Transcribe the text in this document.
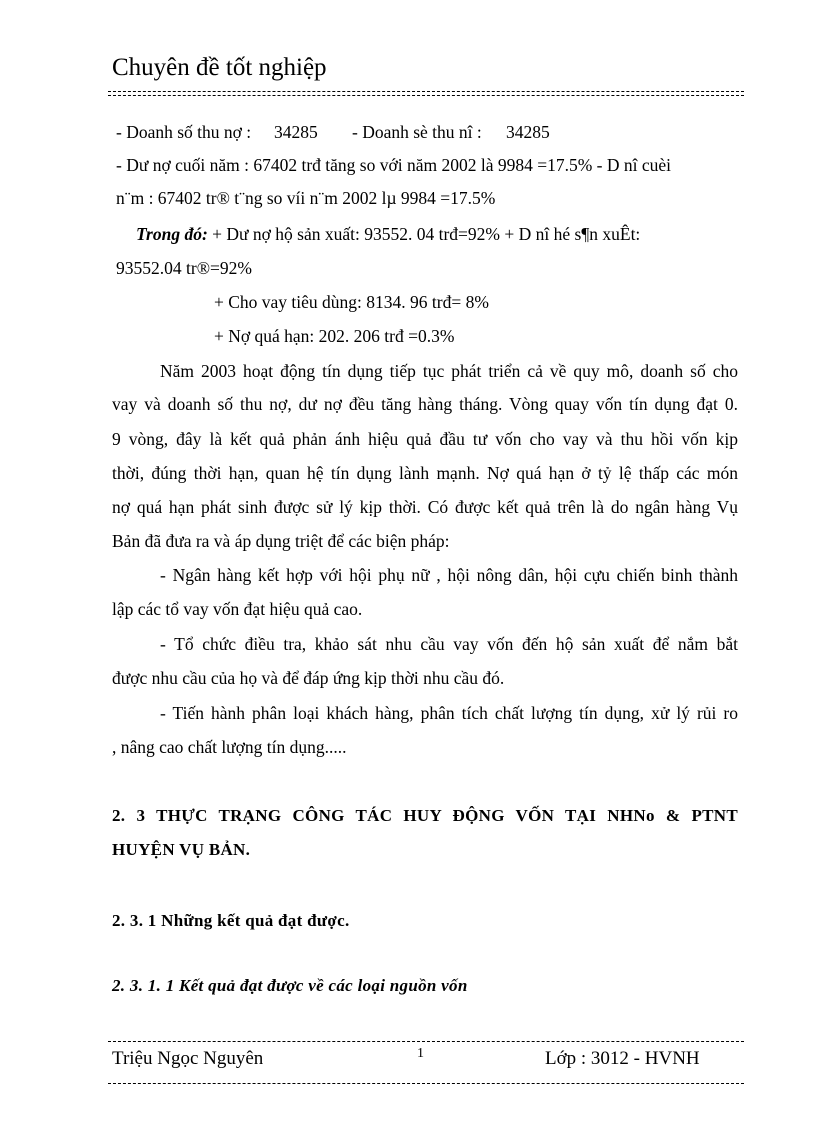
Chuyên đề tốt nghiệp
- Doanh số thu nợ : 34285 - Doanh sè thu nî : 34285
- Dư nợ cuối năm : 67402 trđ tăng so với năm 2002 là 9984 =17.5% - D nî cuèi
n¨m : 67402 tr® t¨ng so víi n¨m 2002 lµ 9984 =17.5%
Trong đó: + Dư nợ hộ sản xuất: 93552. 04 trđ=92% + D nî hé s¶n xuÊt:
93552.04 tr®=92%
+ Cho vay tiêu dùng: 8134. 96 trđ= 8%
+ Nợ quá hạn: 202. 206 trđ =0.3%
Năm 2003 hoạt động tín dụng tiếp tục phát triển cả về quy mô, doanh số cho
vay và doanh số thu nợ, dư nợ đều tăng hàng tháng. Vòng quay vốn tín dụng đạt 0.
9 vòng, đây là kết quả phản ánh hiệu quả đầu tư vốn cho vay và thu hồi vốn kịp
thời, đúng thời hạn, quan hệ tín dụng lành mạnh. Nợ quá hạn ở tỷ lệ thấp các món
nợ quá hạn phát sinh được sử lý kịp thời. Có được kết quả trên là do ngân hàng Vụ
Bản đã đưa ra và áp dụng triệt để các biện pháp:
- Ngân hàng kết hợp với hội phụ nữ , hội nông dân, hội cựu chiến binh thành
lập các tổ vay vốn đạt hiệu quả cao.
- Tổ chức điều tra, khảo sát nhu cầu vay vốn đến hộ sản xuất để nắm bắt
được nhu cầu của họ và để đáp ứng kịp thời nhu cầu đó.
- Tiến hành phân loại khách hàng, phân tích chất lượng tín dụng, xử lý rủi ro
, nâng cao chất lượng tín dụng.....
2. 3 THỰC TRẠNG CÔNG TÁC HUY ĐỘNG VỐN TẠI NHNo & PTNT
HUYỆN VỤ BẢN.
2. 3. 1 Những kết quả đạt được.
2. 3. 1. 1 Kết quả đạt được về các loại nguồn vốn
Triệu Ngọc Nguyên	1	Lớp : 3012 - HVNH
